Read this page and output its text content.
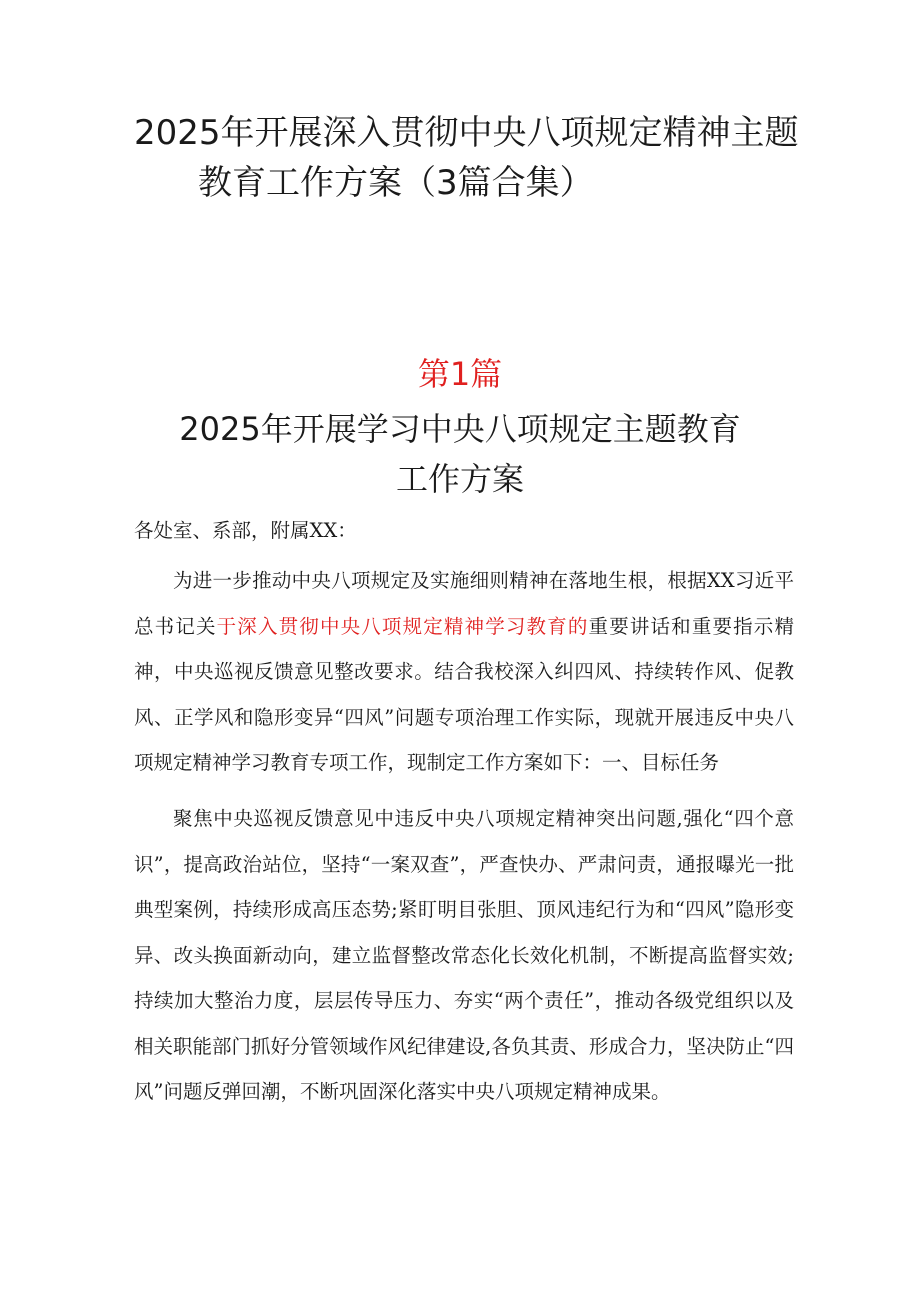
2025年开展深入贯彻中央八项规定精神主题
教育工作方案（3篇合集）
第1篇
2025年开展学习中央八项规定主题教育
工作方案

各处室、系部，附属XX：

为进一步推动中央八项规定及实施细则精神在落地生根，根据XX习近平总书记关于深入贯彻中央八项规定精神学习教育的重要讲话和重要指示精神，中央巡视反馈意见整改要求。结合我校深入纠四风、持续转作风、促教风、正学风和隐形变异“四风”问题专项治理工作实际，现就开展违反中央八项规定精神学习教育专项工作，现制定工作方案如下：一、目标任务

聚焦中央巡视反馈意见中违反中央八项规定精神突出问题,强化“四个意识”，提高政治站位，坚持“一案双查”，严查快办、严肃问责，通报曝光一批典型案例，持续形成高压态势;紧盯明目张胆、顶风违纪行为和“四风”隐形变异、改头换面新动向，建立监督整改常态化长效化机制，不断提高监督实效;持续加大整治力度，层层传导压力、夯实“两个责任”，推动各级党组织以及相关职能部门抓好分管领域作风纪律建设,各负其责、形成合力，坚决防止“四风”问题反弹回潮，不断巩固深化落实中央八项规定精神成果。
